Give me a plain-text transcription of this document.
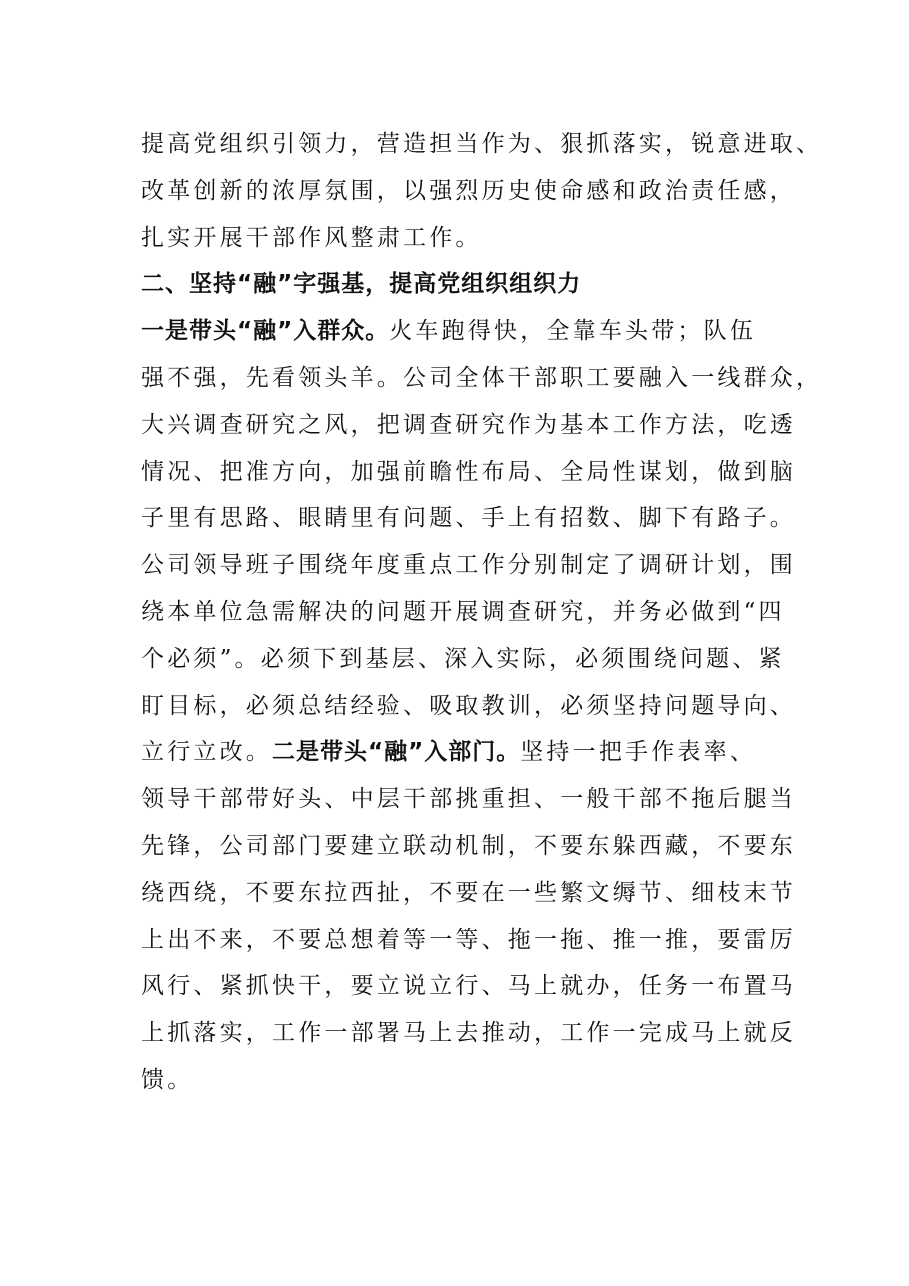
提高党组织引领力，营造担当作为、狠抓落实，锐意进取、
改革创新的浓厚氛围，以强烈历史使命感和政治责任感，
扎实开展干部作风整肃工作。
二、坚持“融”字强基，提高党组织组织力
一是带头“融”入群众。火车跑得快，全靠车头带；队伍
强不强，先看领头羊。公司全体干部职工要融入一线群众，
大兴调查研究之风，把调查研究作为基本工作方法，吃透
情况、把准方向，加强前瞻性布局、全局性谋划，做到脑
子里有思路、眼睛里有问题、手上有招数、脚下有路子。
公司领导班子围绕年度重点工作分别制定了调研计划，围
绕本单位急需解决的问题开展调查研究，并务必做到“四
个必须”。必须下到基层、深入实际，必须围绕问题、紧
盯目标，必须总结经验、吸取教训，必须坚持问题导向、
立行立改。二是带头“融”入部门。坚持一把手作表率、
领导干部带好头、中层干部挑重担、一般干部不拖后腿当
先锋，公司部门要建立联动机制，不要东躲西藏，不要东
绕西绕，不要东拉西扯，不要在一些繁文缛节、细枝末节
上出不来，不要总想着等一等、拖一拖、推一推，要雷厉
风行、紧抓快干，要立说立行、马上就办，任务一布置马
上抓落实，工作一部署马上去推动，工作一完成马上就反
馈。
